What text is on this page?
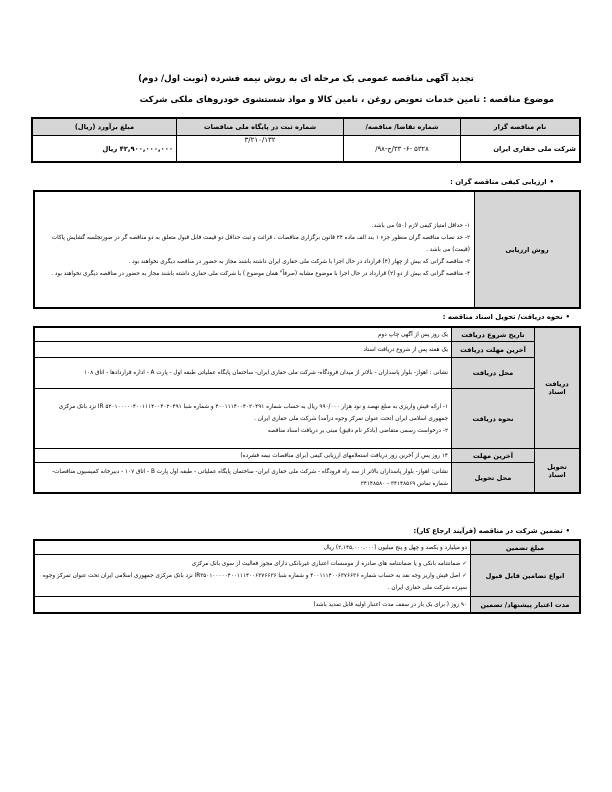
تجدید آگهی مناقصه عمومی یک مرحله ای به روش نیمه فشرده (نوبت اول/ دوم)
موضوع مناقصه : تامین خدمات تعویض روغن ، تامین کالا و مواد شستشوی خودروهای ملکی شرکت
نام مناقصه گزار	شماره تقاضا/ مناقصه/	شماره ثبت در پایگاه ملی مناقصات	مبلغ برآورد (ریال)
شرکت ملی حفاری ایران	۵۳۲۸ -۶- ۳۳/ح-۹۸/	۳/۲۱۰/۱۳۲	۴۲,۹۰۰,۰۰۰,۰۰۰ ریال
• ارزیابی کیفی مناقصه گران :
روش ارزیابی	
۱- حداقل امتیاز کیفی لازم (۵۰) می باشد.
۲- حد نصاب مناقصه گران منظور جزء ۱ بند الف ماده ۲۴ قانون برگزاری مناقصات ، قرائت و ثبت حداقل دو قیمت قابل قبول متعلق به دو مناقصه گر در صورتجلسه گشایش پاکات (قیمت) می باشد .
۳- مناقصه گرانی که بیش از چهار (۴) قرارداد در حال اجرا با شرکت ملی حفاری ایران داشته باشند مجاز به حضور در مناقصه دیگری نخواهند بود .
۴- مناقصه گرانی که بیش از دو (۲) قرارداد در حال اجرا با موضوع مشابه (صرفاً" همان موضوع ) با شرکت ملی حفاری داشته باشند مجاز به حضور در مناقصه دیگری نخواهند بود .
• نحوه دریافت/ تحویل اسناد مناقصه :
دریافت اسناد	تاریخ شروع دریافت	یک روز پس از آگهی چاپ دوم
	آخرین مهلت دریافت	یک هفته پس از شروع دریافت اسناد
	محل دریافت	نشانی : اهواز- بلوار پاسداران - بالاتر از میدان فرودگاه- شرکت ملی حفاری ایران- ساختمان پایگاه عملیاتی طبقه اول - پارت A - اداره قراردادها - اتاق ۱۰۸
	نحوه دریافت	۱- ارائه فیش واریزی به مبلغ نهصد و نود هزار ۹۹۰/۰۰۰ ریال به حساب شماره ۴۰۰۱۱۱۴۰۰۴۰۲۰۴۹۱ و شماره شبا IR ۵۲۰۱۰۰۰۰۰۴۰۰۱۱۱۴۰۰۴۰۲۰۴۹۱ نزد بانک مرکزی جمهوری اسلامی ایران (تحت عنوان تمرکز وجوه درآمد) شرکت ملی حفاری ایران .
۲- درخواست رسمی متقاضی (بادکر نام دقیق) مبنی بر دریافت اسناد مناقصه

تحویل اسناد	آخرین مهلت	۱۴ روز پس از آخرین روز دریافت استعلامهای ارزیابی کیفی (برای مناقصات نیمه فشرده)
	محل تحویل	نشانی: اهواز- بلوار پاسداران بالاتر از سه راه فرودگاه - شرکت ملی حفاری ایران- ساختمان پایگاه عملیاتی - طبقه اول پارت B - اتاق ۱۰۷ - دبیرخانه کمیسیون مناقصات- شماره تماس ۳۴۱۴۸۵۶۹ - ۳۴۱۴۸۵۸۰
• تضمین شرکت در مناقصه (فرآیند ارجاع کار):
مبلغ تضمین	دو میلیارد و یکصد و چهل و پنج میلیون (۲,۱۴۵,۰۰۰,۰۰۰) ریال
انواع تضامین قابل قبول	✓ ضمانتنامه بانکی و یا ضمانتنامه های صادره از موسسات اعتباری غیربانکی دارای مجوز فعالیت از سوی بانک مرکزی
✓ اصل فیش واریز وجه نقد به حساب شماره ۴۰۰۱۱۱۴۰۰۶۳۷۶۶۳۶ و شماره شبا IR۳۵۰۱۰۰۰۰۰۴۰۰۱۱۱۴۰۰۶۳۷۶۶۳۶ نزد بانک مرکزی جمهوری اسلامی ایران تحت عنوان تمرکز وجوه سپرده شرکت ملی حفاری ایران .

مدت اعتبار پیشنهاد/ تضمین	۹۰ روز ( برای یک بار در سقف مدت اعتبار اولیه قابل تمدید باشد)
